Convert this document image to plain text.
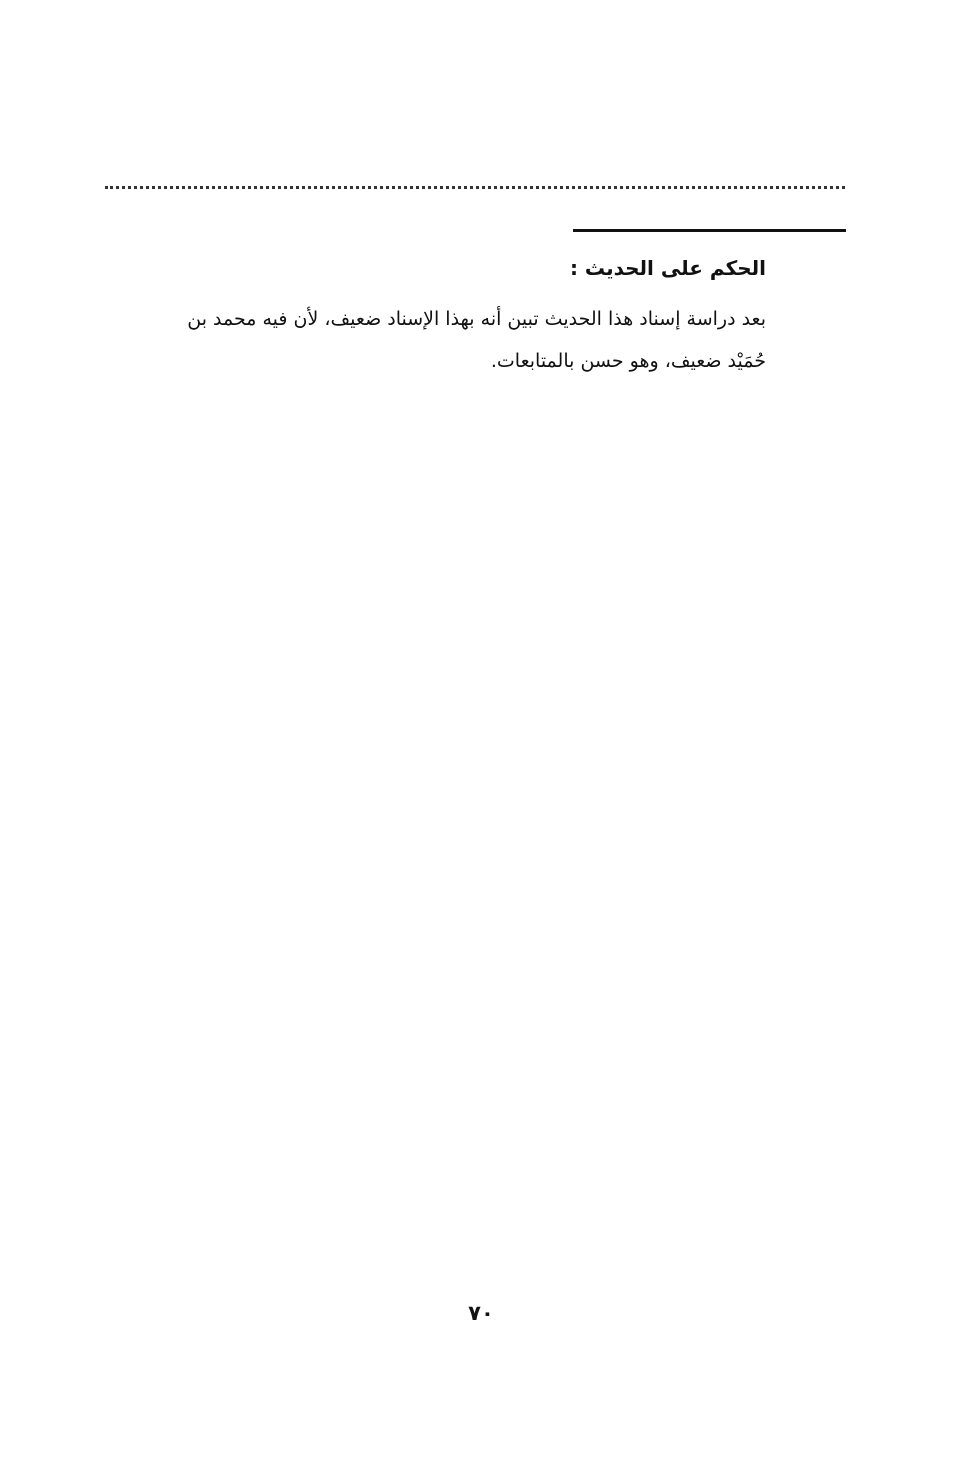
الحكم على الحديث :
بعد دراسة إسناد هذا الحديث تبين أنه بهذا الإسناد ضعيف، لأن فيه محمد بن
حُمَيْد ضعيف، وهو حسن بالمتابعات.
٧٠
